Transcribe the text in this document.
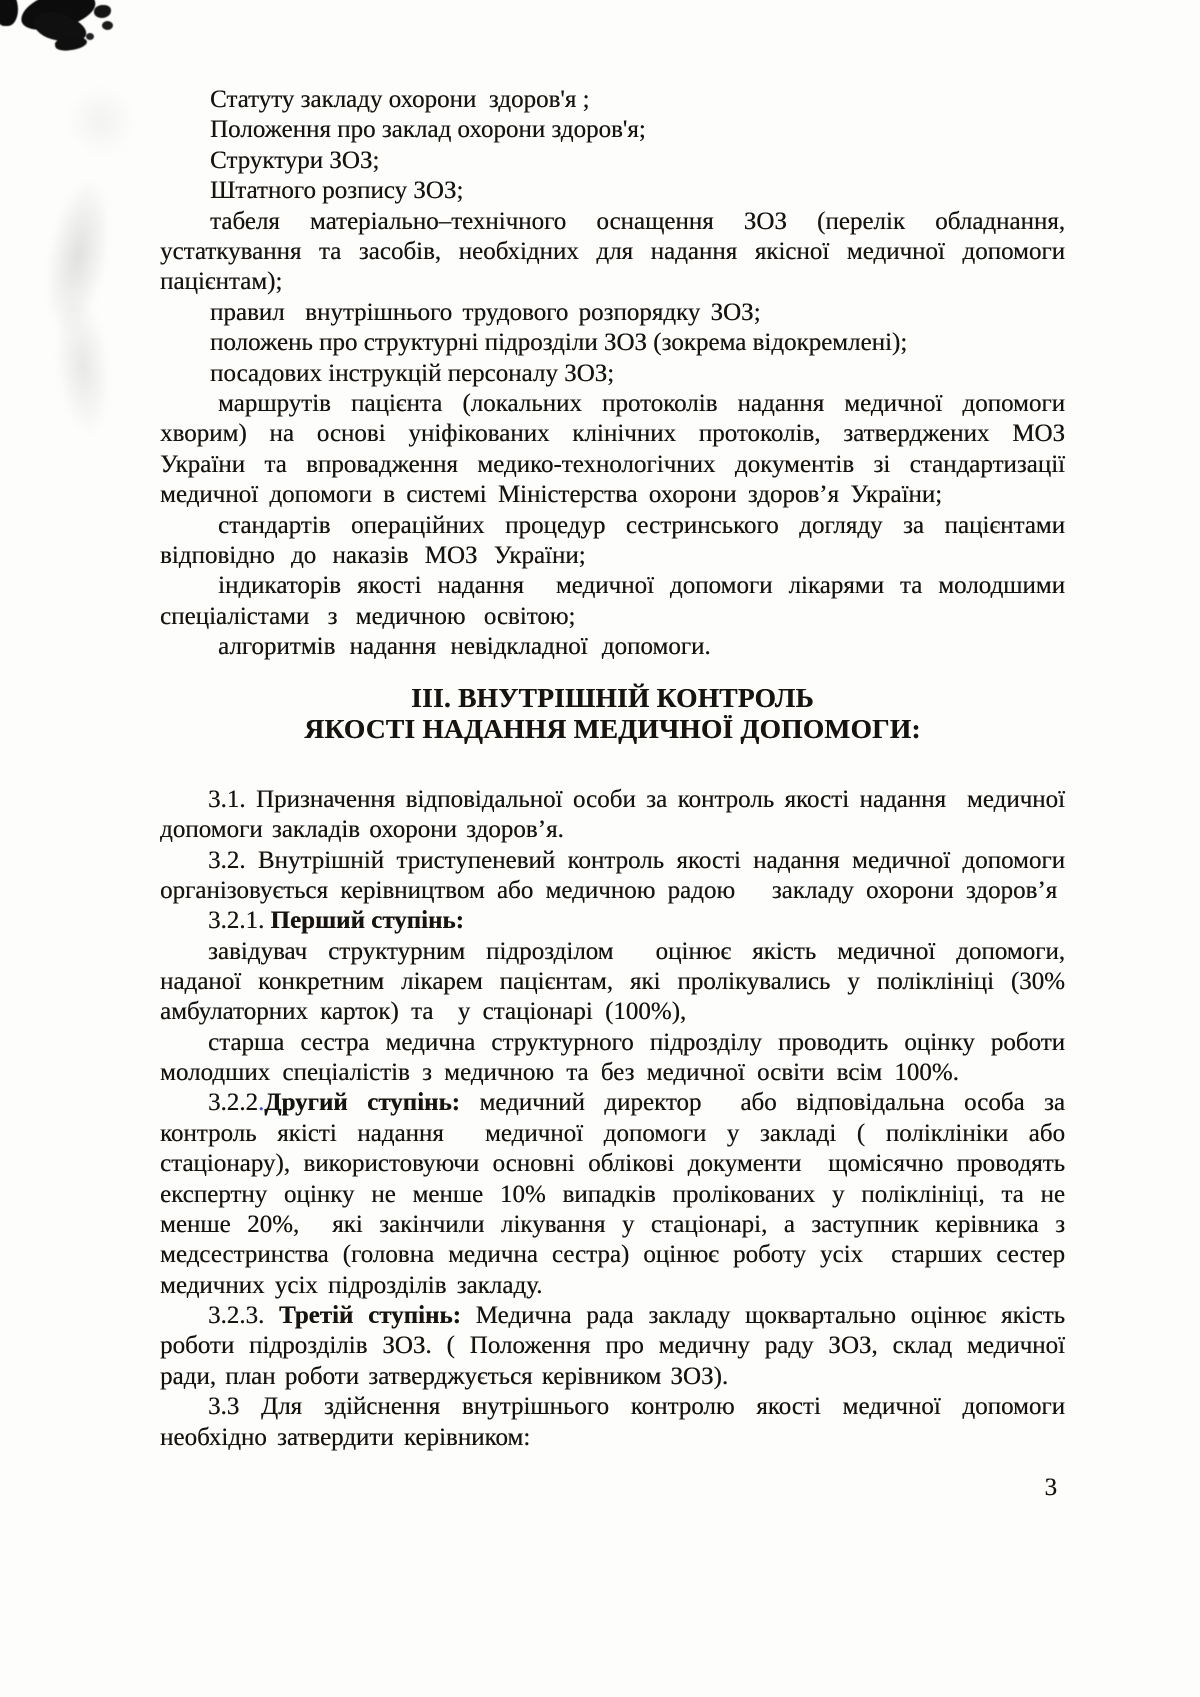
Статуту закладу охорони  здоров'я ;
Положення про заклад охорони здоров'я;
Структури ЗОЗ;
Штатного розпису ЗОЗ;
табеля матеріально–технічного оснащення ЗОЗ (перелік обладнання,
устаткування та засобів, необхідних для надання якісної медичної допомоги
пацієнтам);
правил  внутрішнього трудового розпорядку ЗОЗ;
положень про структурні підрозділи ЗОЗ (зокрема відокремлені);
посадових інструкцій персоналу ЗОЗ;
маршрутів пацієнта (локальних протоколів надання медичної допомоги
хворим) на основі уніфікованих клінічних протоколів, затверджених МОЗ
України та впровадження медико-технологічних документів зі стандартизації
медичної допомоги в системі Міністерства охорони здоров’я України;
стандартів операційних процедур сестринського догляду за пацієнтами
відповідно до наказів МОЗ України;
індикаторів якості надання  медичної допомоги лікарями та молодшими
спеціалістами з медичною освітою;
алгоритмів надання невідкладної допомоги.
ІІІ. ВНУТРІШНІЙ КОНТРОЛЬ
ЯКОСТІ НАДАННЯ МЕДИЧНОЇ ДОПОМОГИ:
3.1. Призначення відповідальної особи за контроль якості надання  медичної
допомоги закладів охорони здоров’я.
3.2. Внутрішній триступеневий контроль якості надання медичної допомоги
організовується керівництвом або медичною радою   закладу охорони здоров’я
3.2.1. Перший ступінь:
завідувач структурним підрозділом  оцінює якість медичної допомоги,
наданої конкретним лікарем пацієнтам, які пролікувались у поліклініці (30%
амбулаторних карток) та  у стаціонарі (100%),
старша сестра медична структурного підрозділу проводить оцінку роботи
молодших спеціалістів з медичною та без медичної освіти всім 100%.
3.2.2.Другий ступінь: медичний директор  або відповідальна особа за
контроль якісті надання  медичної допомоги у закладі ( поліклініки або
стаціонару), використовуючи основні облікові документи  щомісячно проводять
експертну оцінку не менше 10% випадків пролікованих у поліклініці, та не
менше 20%,  які закінчили лікування у стаціонарі, а заступник керівника з
медсестринства (головна медична сестра) оцінює роботу усіх  старших сестер
медичних усіх підрозділів закладу.
3.2.3. Третій ступінь: Медична рада закладу щоквартально оцінює якість
роботи підрозділів ЗОЗ. ( Положення про медичну раду ЗОЗ, склад медичної
ради, план роботи затверджується керівником ЗОЗ).
3.3 Для здійснення внутрішнього контролю якості медичної допомоги
необхідно затвердити керівником:
3
